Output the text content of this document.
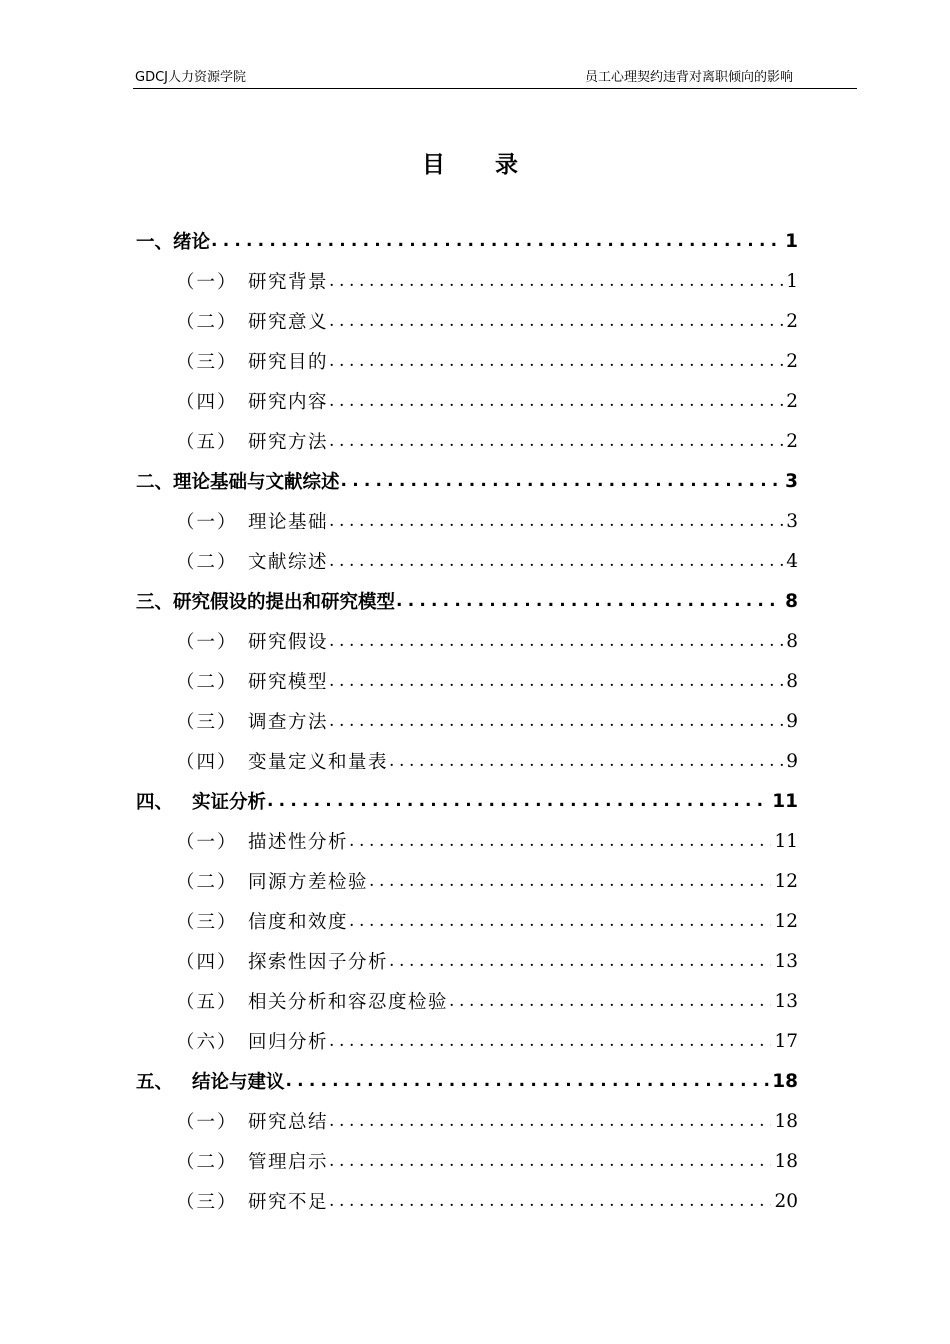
GDCJ人力资源学院	员工心理契约违背对离职倾向的影响
目录
一、 绪论 .....	1
（一） 研究背景 .....	1
（二） 研究意义 .....	2
（三） 研究目的 .....	2
（四） 研究内容 .....	2
（五） 研究方法 .....	2
二、 理论基础与文献综述 .....	3
（一） 理论基础 .....	3
（二） 文献综述 .....	4
三、 研究假设的提出和研究模型 .....	8
（一） 研究假设 .....	8
（二） 研究模型 .....	8
（三） 调查方法 .....	9
（四） 变量定义和量表 .....	9
四、	实证分析 .....	11
（一） 描述性分析 .....	11
（二） 同源方差检验 .....	12
（三） 信度和效度 .....	12
（四） 探索性因子分析 .....	13
（五） 相关分析和容忍度检验 .....	13
（六） 回归分析 .....	17
五、	结论与建议 .....	18
（一） 研究总结 .....	18
（二） 管理启示 .....	18
（三） 研究不足 .....	20
